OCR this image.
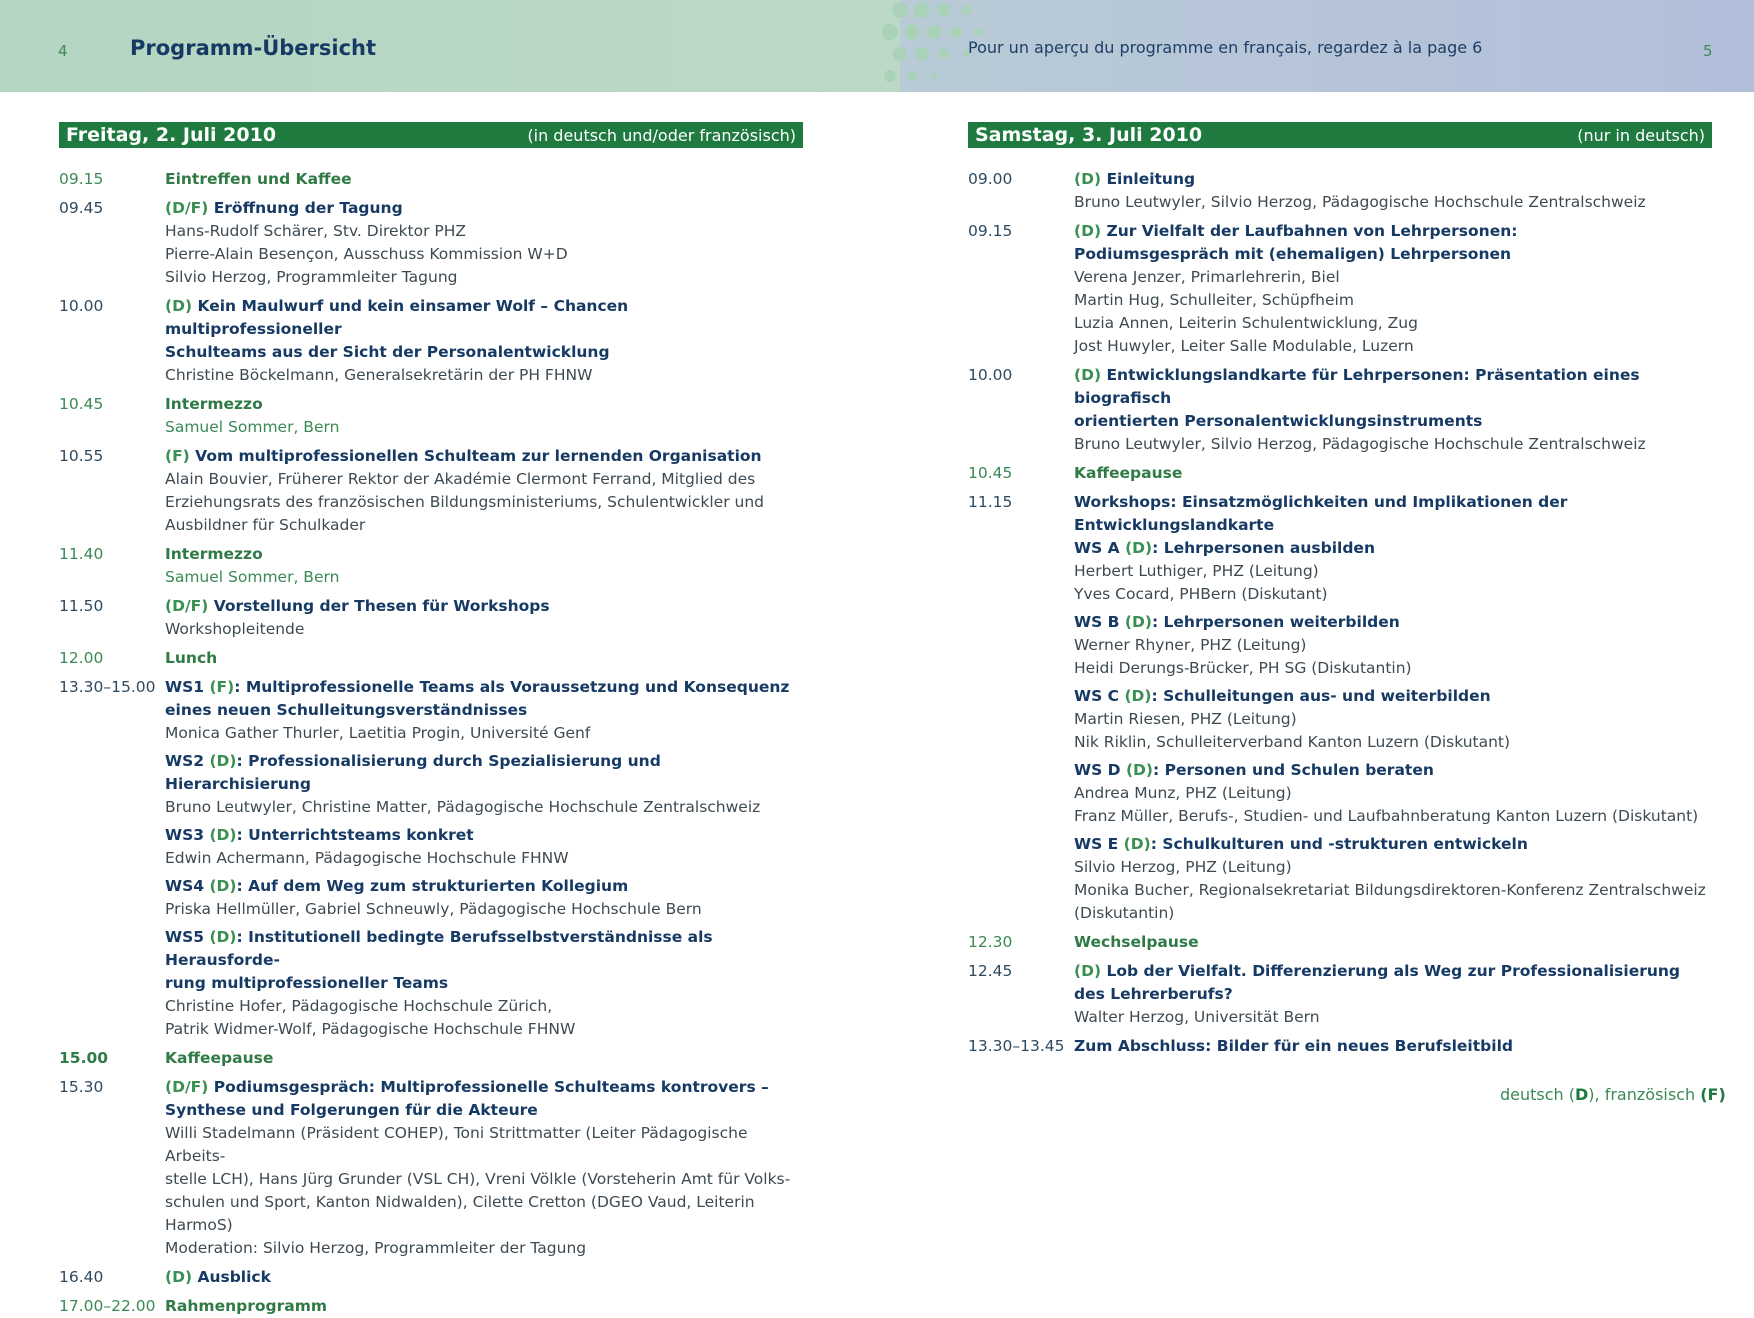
4	Programm-Übersicht	Pour un aperçu du programme en français, regardez à la page 6	5
Freitag, 2. Juli 2010	(in deutsch und/oder französisch)
09.15	Eintreffen und Kaffee
09.45	(D/F) Eröffnung der Tagung
Hans-Rudolf Schärer, Stv. Direktor PHZ
Pierre-Alain Besençon, Ausschuss Kommission W+D
Silvio Herzog, Programmleiter Tagung
10.00	(D) Kein Maulwurf und kein einsamer Wolf – Chancen multiprofessioneller
Schulteams aus der Sicht der Personalentwicklung
Christine Böckelmann, Generalsekretärin der PH FHNW
10.45	Intermezzo
Samuel Sommer, Bern
10.55	(F) Vom multiprofessionellen Schulteam zur lernenden Organisation
Alain Bouvier, Früherer Rektor der Akadémie Clermont Ferrand, Mitglied des
Erziehungsrats des französischen Bildungsministeriums, Schulentwickler und
Ausbildner für Schulkader
11.40	Intermezzo
Samuel Sommer, Bern
11.50	(D/F) Vorstellung der Thesen für Workshops
Workshopleitende
12.00	Lunch
13.30–15.00 WS1 (F): Multiprofessionelle Teams als Voraussetzung und Konsequenz
eines neuen Schulleitungsverständnisses
Monica Gather Thurler, Laetitia Progin, Université Genf
WS2 (D): Professionalisierung durch Spezialisierung und Hierarchisierung
Bruno Leutwyler, Christine Matter, Pädagogische Hochschule Zentralschweiz
WS3 (D): Unterrichtsteams konkret
Edwin Achermann, Pädagogische Hochschule FHNW
WS4 (D): Auf dem Weg zum strukturierten Kollegium
Priska Hellmüller, Gabriel Schneuwly, Pädagogische Hochschule Bern
WS5 (D): Institutionell bedingte Berufsselbstverständnisse als Herausforde-
rung multiprofessioneller Teams
Christine Hofer, Pädagogische Hochschule Zürich,
Patrik Widmer-Wolf, Pädagogische Hochschule FHNW
15.00	Kaffeepause
15.30	(D/F) Podiumsgespräch: Multiprofessionelle Schulteams kontrovers –
Synthese und Folgerungen für die Akteure
Willi Stadelmann (Präsident COHEP), Toni Strittmatter (Leiter Pädagogische Arbeits-
stelle LCH), Hans Jürg Grunder (VSL CH), Vreni Völkle (Vorsteherin Amt für Volks-
schulen und Sport, Kanton Nidwalden), Cilette Cretton (DGEO Vaud, Leiterin HarmoS)
Moderation: Silvio Herzog, Programmleiter der Tagung
16.40	(D) Ausblick
17.00–22.00 Rahmenprogramm
Samstag, 3. Juli 2010	(nur in deutsch)
09.00	(D) Einleitung
Bruno Leutwyler, Silvio Herzog, Pädagogische Hochschule Zentralschweiz
09.15	(D) Zur Vielfalt der Laufbahnen von Lehrpersonen:
Podiumsgespräch mit (ehemaligen) Lehrpersonen
Verena Jenzer, Primarlehrerin, Biel
Martin Hug, Schulleiter, Schüpfheim
Luzia Annen, Leiterin Schulentwicklung, Zug
Jost Huwyler, Leiter Salle Modulable, Luzern
10.00	(D) Entwicklungslandkarte für Lehrpersonen: Präsentation eines biografisch
orientierten Personalentwicklungsinstruments
Bruno Leutwyler, Silvio Herzog, Pädagogische Hochschule Zentralschweiz
10.45	Kaffeepause
11.15	Workshops: Einsatzmöglichkeiten und Implikationen der Entwicklungslandkarte
WS A (D): Lehrpersonen ausbilden
Herbert Luthiger, PHZ (Leitung)
Yves Cocard, PHBern (Diskutant)
WS B (D): Lehrpersonen weiterbilden
Werner Rhyner, PHZ (Leitung)
Heidi Derungs-Brücker, PH SG (Diskutantin)
WS C (D): Schulleitungen aus- und weiterbilden
Martin Riesen, PHZ (Leitung)
Nik Riklin, Schulleiterverband Kanton Luzern (Diskutant)
WS D (D): Personen und Schulen beraten
Andrea Munz, PHZ (Leitung)
Franz Müller, Berufs-, Studien- und Laufbahnberatung Kanton Luzern (Diskutant)
WS E (D): Schulkulturen und -strukturen entwickeln
Silvio Herzog, PHZ (Leitung)
Monika Bucher, Regionalsekretariat Bildungsdirektoren-Konferenz Zentralschweiz
(Diskutantin)
12.30	Wechselpause
12.45	(D) Lob der Vielfalt. Differenzierung als Weg zur Professionalisierung
des Lehrerberufs?
Walter Herzog, Universität Bern
13.30–13.45 Zum Abschluss: Bilder für ein neues Berufsleitbild
deutsch (D), französisch (F)
